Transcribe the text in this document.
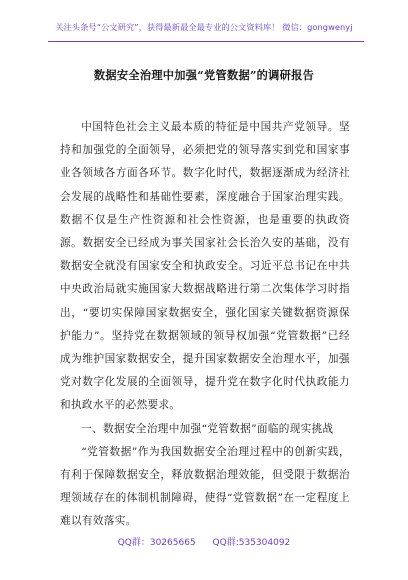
关注头条号“公文研究”，获得最新最全最专业的公文资料库！ 微信：gongwenyj
数据安全治理中加强“党管数据”的调研报告

中国特色社会主义最本质的特征是中国共产党领导。坚持和加强党的全面领导，必须把党的领导落实到党和国家事业各领域各方面各环节。数字化时代，数据逐渐成为经济社会发展的战略性和基础性要素，深度融合于国家治理实践。数据不仅是生产性资源和社会性资源，也是重要的执政资源。数据安全已经成为事关国家社会长治久安的基础，没有数据安全就没有国家安全和执政安全。习近平总书记在中共中央政治局就实施国家大数据战略进行第二次集体学习时指出，“要切实保障国家数据安全，强化国家关键数据资源保护能力”。坚持党在数据领域的领导权加强“党管数据”已经成为维护国家数据安全，提升国家数据安全治理水平，加强党对数字化发展的全面领导，提升党在数字化时代执政能力和执政水平的必然要求。

一、数据安全治理中加强“党管数据”面临的现实挑战

“党管数据”作为我国数据安全治理过程中的创新实践，有利于保障数据安全，释放数据治理效能，但受限于数据治理领域存在的体制机制障碍，使得“党管数据”在一定程度上难以有效落实。

QQ群：30265665 QQ群:535304092
